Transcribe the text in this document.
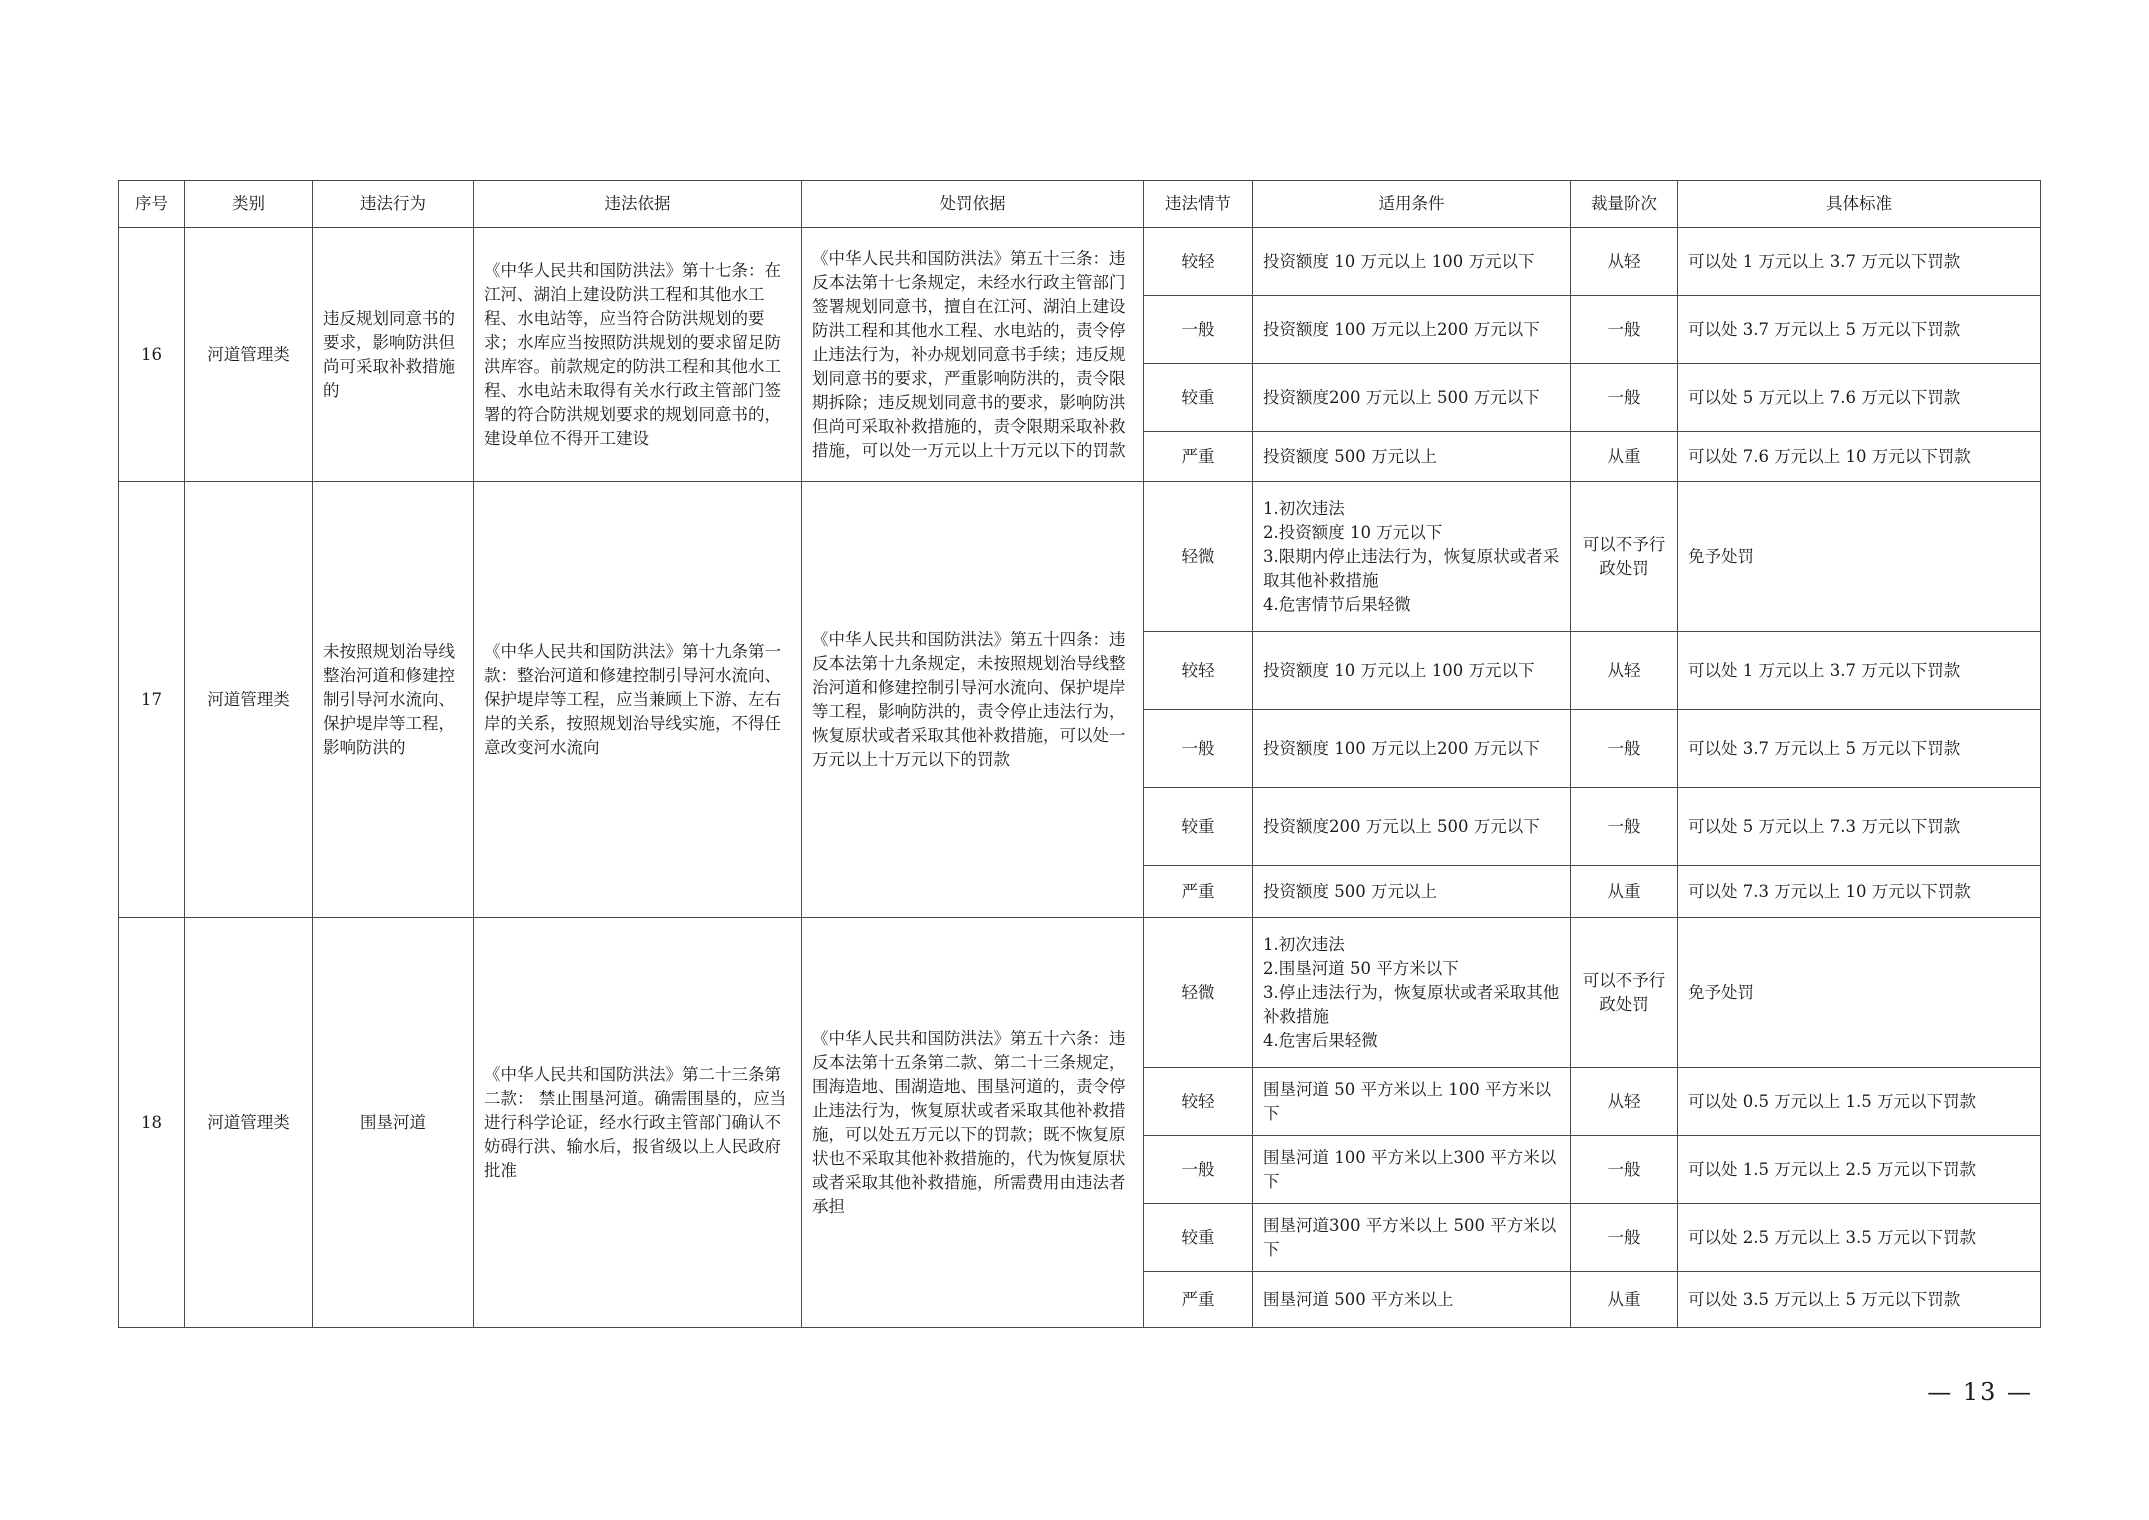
序号	类别	违法行为	违法依据	处罚依据	违法情节	适用条件	裁量阶次	具体标准
16	河道管理类	违反规划同意书的要求，影响防洪但尚可采取补救措施的	《中华人民共和国防洪法》第十七条：在江河、湖泊上建设防洪工程和其他水工程、水电站等，应当符合防洪规划的要求；水库应当按照防洪规划的要求留足防洪库容。前款规定的防洪工程和其他水工程、水电站未取得有关水行政主管部门签署的符合防洪规划要求的规划同意书的，建设单位不得开工建设	《中华人民共和国防洪法》第五十三条：违反本法第十七条规定，未经水行政主管部门签署规划同意书，擅自在江河、湖泊上建设防洪工程和其他水工程、水电站的，责令停止违法行为，补办规划同意书手续；违反规划同意书的要求，严重影响防洪的，责令限期拆除；违反规划同意书的要求，影响防洪但尚可采取补救措施的，责令限期采取补救措施，可以处一万元以上十万元以下的罚款	较轻	投资额度 10 万元以上 100 万元以下	从轻	可以处 1 万元以上 3.7 万元以下罚款
					一般	投资额度 100 万元以上200 万元以下	一般	可以处 3.7 万元以上 5 万元以下罚款
					较重	投资额度200 万元以上 500 万元以下	一般	可以处 5 万元以上 7.6 万元以下罚款
					严重	投资额度 500 万元以上	从重	可以处 7.6 万元以上 10 万元以下罚款
17	河道管理类	未按照规划治导线整治河道和修建控制引导河水流向、保护堤岸等工程，影响防洪的	《中华人民共和国防洪法》第十九条第一款：整治河道和修建控制引导河水流向、保护堤岸等工程，应当兼顾上下游、左右岸的关系，按照规划治导线实施，不得任意改变河水流向	《中华人民共和国防洪法》第五十四条：违反本法第十九条规定，未按照规划治导线整治河道和修建控制引导河水流向、保护堤岸等工程，影响防洪的，责令停止违法行为，恢复原状或者采取其他补救措施，可以处一万元以上十万元以下的罚款	轻微	1.初次违法
2.投资额度 10 万元以下
3.限期内停止违法行为，恢复原状或者采取其他补救措施
4.危害情节后果轻微	可以不予行政处罚	免予处罚
					较轻	投资额度 10 万元以上 100 万元以下	从轻	可以处 1 万元以上 3.7 万元以下罚款
					一般	投资额度 100 万元以上200 万元以下	一般	可以处 3.7 万元以上 5 万元以下罚款
					较重	投资额度200 万元以上 500 万元以下	一般	可以处 5 万元以上 7.3 万元以下罚款
					严重	投资额度 500 万元以上	从重	可以处 7.3 万元以上 10 万元以下罚款
18	河道管理类	围垦河道	《中华人民共和国防洪法》第二十三条第二款： 禁止围垦河道。确需围垦的，应当进行科学论证，经水行政主管部门确认不妨碍行洪、输水后，报省级以上人民政府批准	《中华人民共和国防洪法》第五十六条：违反本法第十五条第二款、第二十三条规定，围海造地、围湖造地、围垦河道的，责令停止违法行为，恢复原状或者采取其他补救措施，可以处五万元以下的罚款；既不恢复原状也不采取其他补救措施的，代为恢复原状或者采取其他补救措施，所需费用由违法者承担	轻微	1.初次违法
2.围垦河道 50 平方米以下
3.停止违法行为，恢复原状或者采取其他补救措施
4.危害后果轻微	可以不予行政处罚	免予处罚
					较轻	围垦河道 50 平方米以上 100 平方米以下	从轻	可以处 0.5 万元以上 1.5 万元以下罚款
					一般	围垦河道 100 平方米以上300 平方米以下	一般	可以处 1.5 万元以上 2.5 万元以下罚款
					较重	围垦河道300 平方米以上 500 平方米以下	一般	可以处 2.5 万元以上 3.5 万元以下罚款
					严重	围垦河道 500 平方米以上	从重	可以处 3.5 万元以上 5 万元以下罚款
— 13 —
